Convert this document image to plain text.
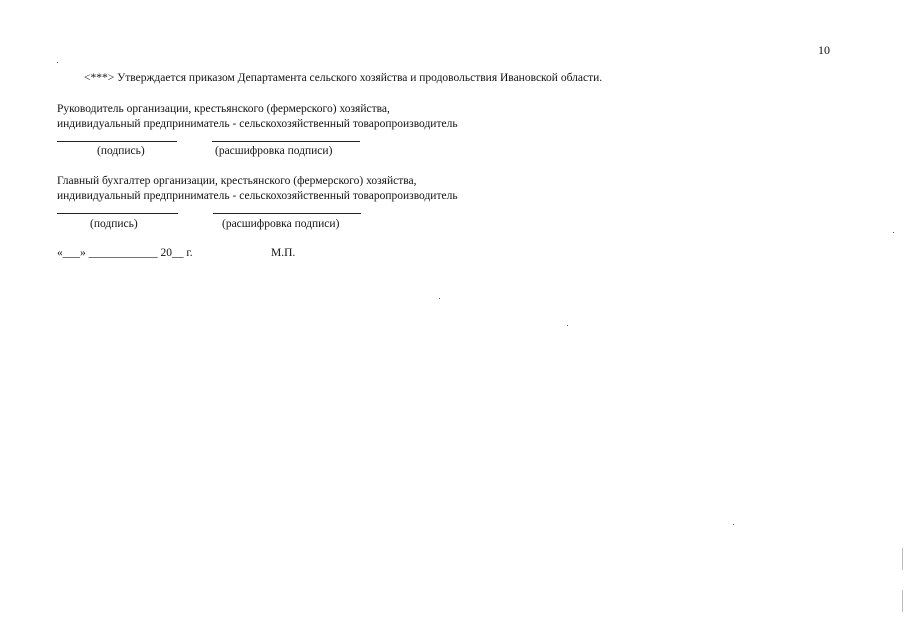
10
<***> Утверждается приказом Департамента сельского хозяйства и продовольствия Ивановской области.
Руководитель организации, крестьянского (фермерского) хозяйства,
индивидуальный предприниматель - сельскохозяйственный товаропроизводитель
(подпись)	(расшифровка подписи)
Главный бухгалтер организации, крестьянского (фермерского) хозяйства,
индивидуальный предприниматель - сельскохозяйственный товаропроизводитель
(подпись)	(расшифровка подписи)
«___» ____________ 20__ г.	М.П.
